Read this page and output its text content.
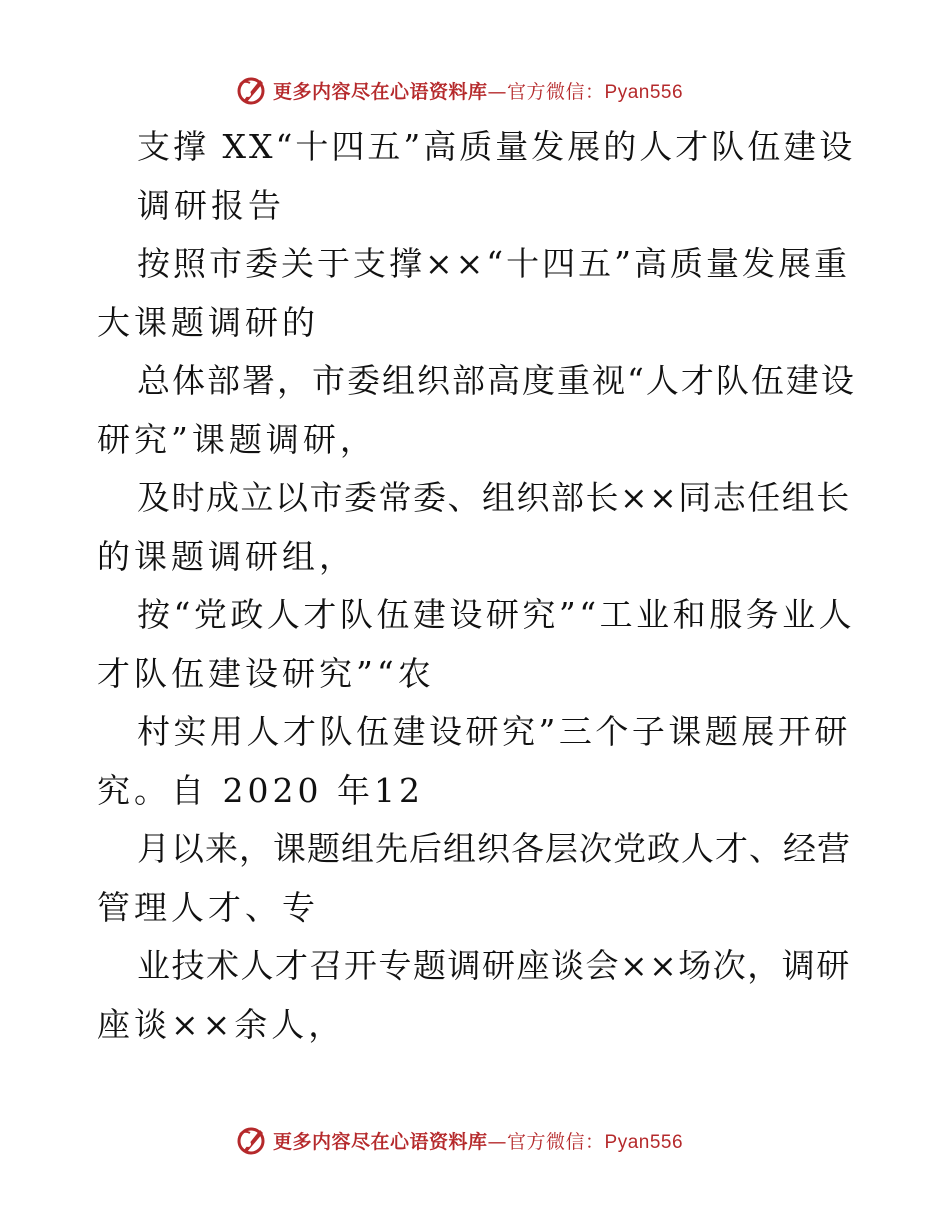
更多内容尽在心语资料库—官方微信：Pyan556
支撑 XX“十四五”高质量发展的人才队伍建设
调研报告
按照市委关于支撑××“十四五”高质量发展重
大课题调研的
总体部署，市委组织部高度重视“人才队伍建设
研究”课题调研，
及时成立以市委常委、组织部长××同志任组长
的课题调研组，
按“党政人才队伍建设研究”“工业和服务业人
才队伍建设研究”“农
村实用人才队伍建设研究”三个子课题展开研
究。自 2020 年12
月以来，课题组先后组织各层次党政人才、经营
管理人才、专
业技术人才召开专题调研座谈会××场次，调研
座谈××余人，
更多内容尽在心语资料库—官方微信：Pyan556
